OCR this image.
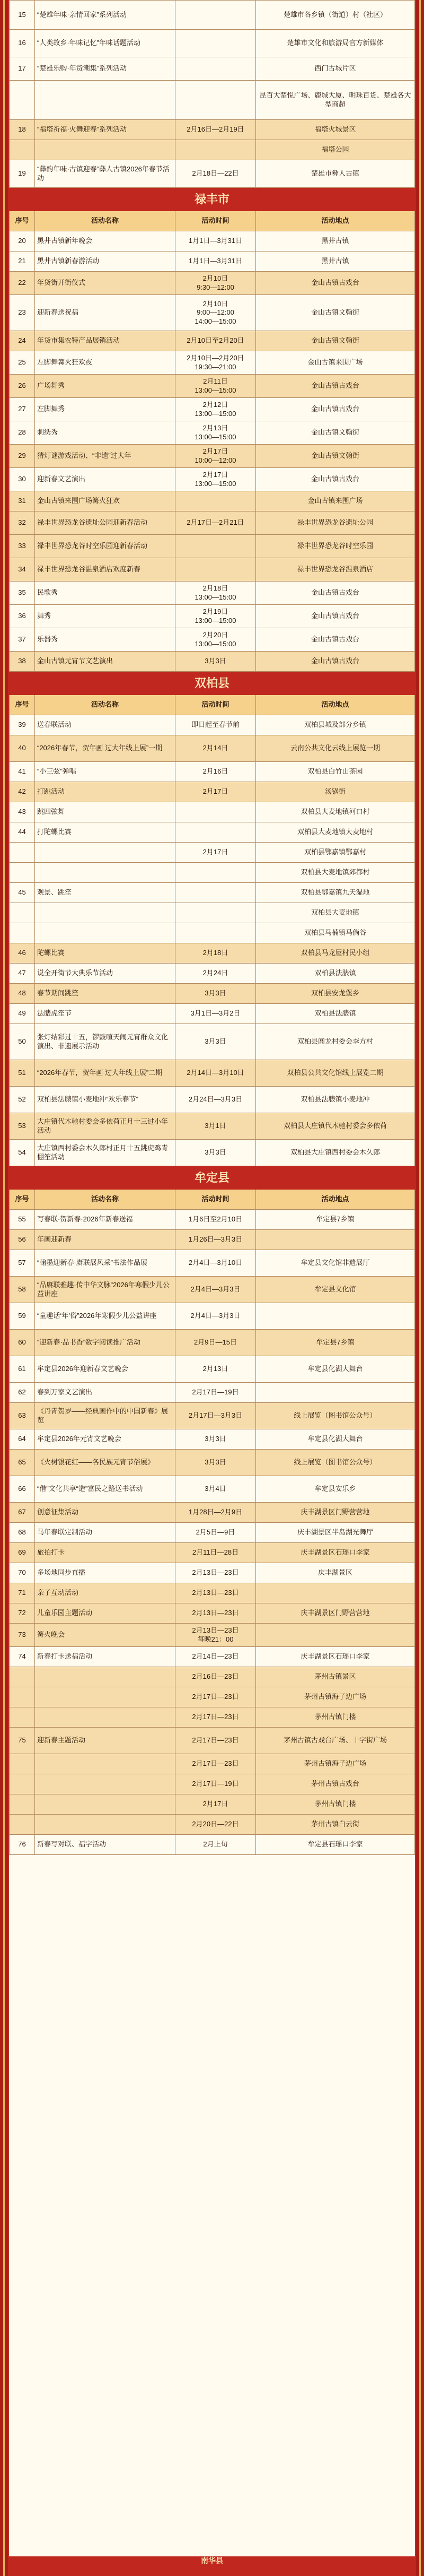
15	“楚雄年味·亲情回家”系列活动		楚雄市各乡镇（街道）村（社区）
16	“人类故乡·年味记忆”年味话题活动		楚雄市文化和旅游局官方新媒体
17	“楚雄乐购·年货潮集”系列活动		西门古城片区
			昆百大楚悦广场、鹿城大厦、明珠百货、楚雄各大型商超
18	“福塔祈福·火舞迎春”系列活动	2月16日—2月19日	福塔火城景区
			福塔公园
19	“彝韵年味·古镇迎春”彝人古镇2026年春节活动	2月18日—22日	楚雄市彝人古镇
禄丰市			
序号	活动名称	活动时间	活动地点
20	黑井古镇新年晚会	1月1日—3月31日	黑井古镇
21	黑井古镇新春游活动	1月1日—3月31日	黑井古镇
22	年货街开街仪式	2月10日
9:30—12:00	金山古镇古戏台
23	迎新春送祝福	2月10日
9:00—12:00
14:00—15:00	金山古镇文翰街
24	年货市集农特产品展销活动	2月10日至2月20日	金山古镇文翰街
25	左脚舞篝火狂欢夜	2月10日—2月20日
19:30—21:00	金山古镇来围广场
26	广场舞秀	2月11日
13:00—15:00	金山古镇古戏台
27	左脚舞秀	2月12日
13:00—15:00	金山古镇古戏台
28	刺绣秀	2月13日
13:00—15:00	金山古镇文翰街
29	猜灯谜游戏活动、“非遗”过大年	2月17日
10:00—12:00	金山古镇文翰街
30	迎新春文艺演出	2月17日
13:00—15:00	金山古镇古戏台
31	金山古镇来围广场篝火狂欢		金山古镇来围广场
32	禄丰世界恐龙谷遗址公园迎新春活动	2月17日—2月21日	禄丰世界恐龙谷遗址公园
33	禄丰世界恐龙谷时空乐园迎新春活动		禄丰世界恐龙谷时空乐园
34	禄丰世界恐龙谷温泉酒店欢度新春		禄丰世界恐龙谷温泉酒店
35	民歌秀	2月18日
13:00—15:00	金山古镇古戏台
36	舞秀	2月19日
13:00—15:00	金山古镇古戏台
37	乐器秀	2月20日
13:00—15:00	金山古镇古戏台
38	金山古镇元宵节文艺演出	3月3日	金山古镇古戏台
双柏县			
序号	活动名称	活动时间	活动地点
39	送春联活动	即日起至春节前	双柏县城及部分乡镇
40	“2026年春节，贺年画 过大年线上展”一期	2月14日	云南公共文化云线上展览一期
41	“小三弦”弹唱	2月16日	双柏县白竹山茶园
42	打跳活动	2月17日	汤锅街
43	跳四弦舞		双柏县大麦地镇河口村
44	打陀螺比赛		双柏县大麦地镇大麦地村
		2月17日	双柏县鄂嘉镇鄂嘉村
			双柏县大麦地镇郊都村
45	观景、跳笙		双柏县鄂嘉镇九天湿地
			双柏县大麦地镇
			双柏县马楠镇马倘谷
46	陀螺比赛	2月18日	双柏县马龙屋村民小组
47	说全开街节大典乐节活动	2月24日	双柏县法脿镇
48	春节期间跳笙	3月3日	双柏县安龙堡乡
49	法脿虎笙节	3月1日—3月2日	双柏县法脿镇
50	张灯结彩过十五，锣鼓喧天闹元宵群众文化演出、非遗展示活动	3月3日	双柏县闾龙村委会李方村
51	“2026年春节，贺年画 过大年线上展”二期	2月14日—3月10日	双柏县公共文化馆线上展览二期
52	双柏县法脿镇小麦地冲“欢乐春节”	2月24日—3月3日	双柏县法脿镇小麦地冲
53	大庄镇代木驰村委会多依荷正月十三过小年活动	3月1日	双柏县大庄镇代木驰村委会多依荷
54	大庄镇西村委会木久郎村正月十五跳虎鸡青棚笙活动	3月3日	双柏县大庄镇西村委会木久郎
牟定县			
序号	活动名称	活动时间	活动地点
55	写春联·贺新春·2026年新春送福	1月6日至2月10日	牟定县7乡镇
56	年画迎新春	1月26日—3月3日	
57	“翰墨迎新春·赓联展风采”书法作品展	2月4日—3月10日	牟定县文化馆非遗展厅
58	“品赓联雅趣·传中华文脉”2026年寒假少儿公益讲座	2月4日—3月3日	牟定县文化馆
59	“童趣话‘年’俗”2026年寒假少儿公益讲座	2月4日—3月3日	
60	“迎新春·品书香”数字阅读推广活动	2月9日—15日	牟定县7乡镇
61	牟定县2026年迎新春文艺晚会	2月13日	牟定县化湖大舞台
62	春到万家文艺演出	2月17日—19日	
63	《丹青贺岁——经典画作中的中国新春》展览	2月17日—3月3日	线上展览（图书馆公众号）
64	牟定县2026年元宵文艺晚会	3月3日	牟定县化湖大舞台
65	《火树银花红——各民族元宵节俗展》	3月3日	线上展览（图书馆公众号）
66	“借”文化共享“造”富民之路送书活动	3月4日	牟定县安乐乡
67	创意征集活动	1月28日—2月9日	庆丰湖景区门野营营地
68	马年春联定制活动	2月5日—9日	庆丰湖景区半岛湖光舞厅
69	旅拍打卡	2月11日—28日	庆丰湖景区石瑶口李家
70	多场地同步直播	2月13日—23日	庆丰湖景区
71	亲子互动活动	2月13日—23日	
72	儿童乐园主题活动	2月13日—23日	庆丰湖景区门野营营地
73	篝火晚会	2月13日—23日
每晚21：00	
74	新春打卡送福活动	2月14日—23日	庆丰湖景区石瑶口李家
		2月16日—23日	茅州古镇景区
		2月17日—23日	茅州古镇海子边广场
		2月17日—23日	茅州古镇门楼
75	迎新春主题活动	2月17日—23日	茅州古镇古戏台广场、十字街广场
		2月17日—23日	茅州古镇海子边广场
		2月17日—19日	茅州古镇古戏台
		2月17日	茅州古镇门楼
		2月20日—22日	茅州古镇白云街
76	新春写对联、福字活动	2月上旬	牟定县石瑶口李家
南华县
